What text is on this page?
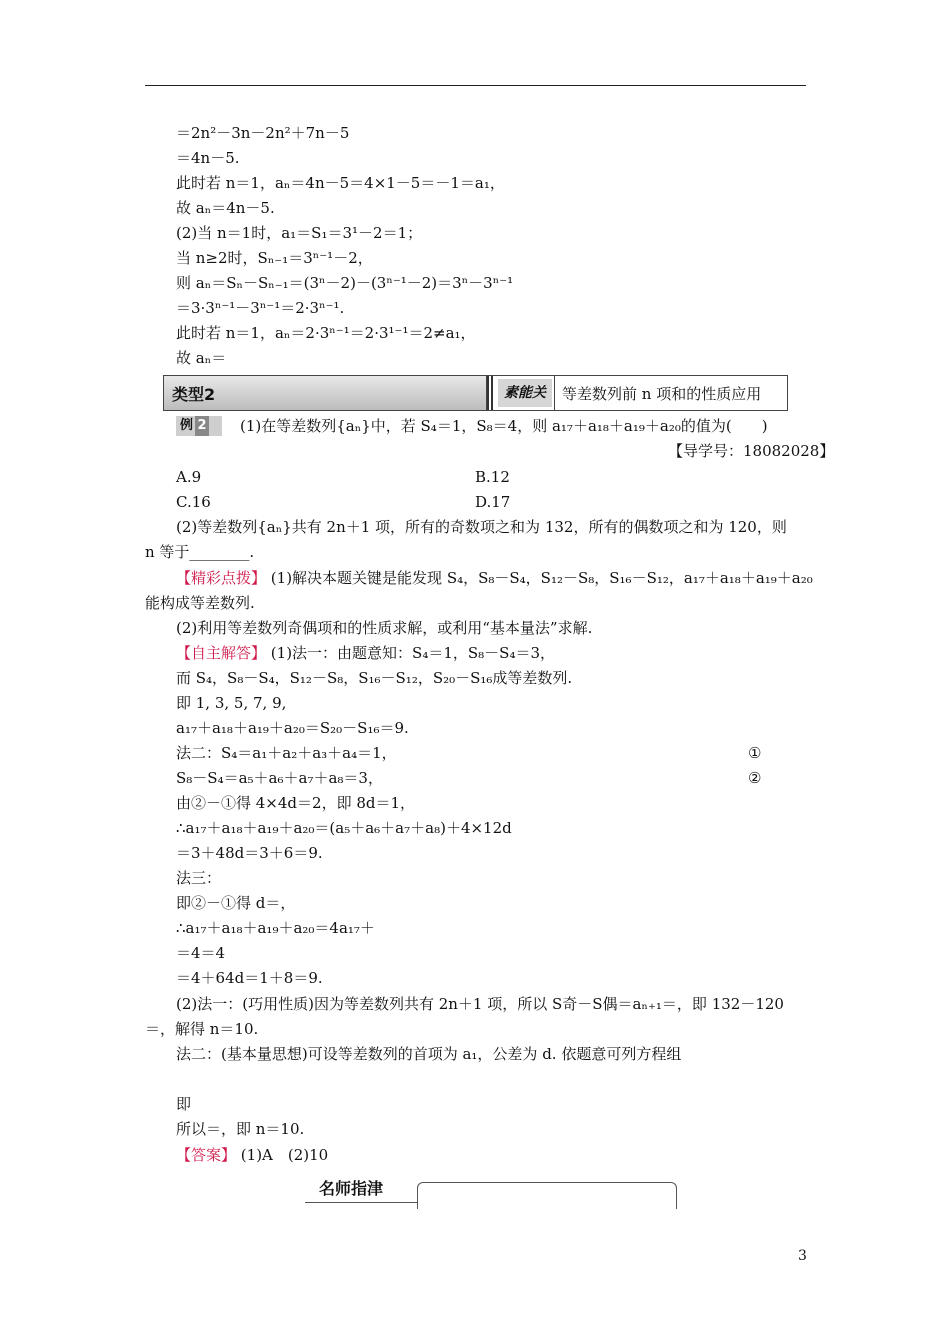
＝2n²－3n－2n²＋7n－5
＝4n－5.
此时若 n＝1，aₙ＝4n－5＝4×1－5＝－1＝a₁，
故 aₙ＝4n－5.
(2)当 n＝1时，a₁＝S₁＝3¹－2＝1；
当 n≥2时，Sₙ₋₁＝3ⁿ⁻¹－2，
则 aₙ＝Sₙ－Sₙ₋₁＝(3ⁿ－2)－(3ⁿ⁻¹－2)＝3ⁿ－3ⁿ⁻¹
＝3·3ⁿ⁻¹－3ⁿ⁻¹＝2·3ⁿ⁻¹.
此时若 n＝1，aₙ＝2·3ⁿ⁻¹＝2·3¹⁻¹＝2≠a₁，
故 aₙ＝
类型2	素能关	等差数列前 n 项和的性质应用
例 2	(1)在等差数列{aₙ}中，若 S₄＝1，S₈＝4，则 a₁₇＋a₁₈＋a₁₉＋a₂₀的值为(　　)
【导学号：18082028】
A.9	B.12
C.16	D.17
(2)等差数列{aₙ}共有 2n＋1 项，所有的奇数项之和为 132，所有的偶数项之和为 120，则
n 等于________.
【精彩点拨】 (1)解决本题关键是能发现 S₄，S₈－S₄，S₁₂－S₈，S₁₆－S₁₂，a₁₇＋a₁₈＋a₁₉＋a₂₀
能构成等差数列.
(2)利用等差数列奇偶项和的性质求解，或利用“基本量法”求解.
【自主解答】 (1)法一：由题意知：S₄＝1，S₈－S₄＝3，
而 S₄，S₈－S₄，S₁₂－S₈，S₁₆－S₁₂，S₂₀－S₁₆成等差数列.
即 1, 3, 5, 7, 9,
a₁₇＋a₁₈＋a₁₉＋a₂₀＝S₂₀－S₁₆＝9.
法二：S₄＝a₁＋a₂＋a₃＋a₄＝1，	①
S₈－S₄＝a₅＋a₆＋a₇＋a₈＝3，	②
由②－①得 4×4d＝2，即 8d＝1，
∴a₁₇＋a₁₈＋a₁₉＋a₂₀＝(a₅＋a₆＋a₇＋a₈)＋4×12d
＝3＋48d＝3＋6＝9.
法三：
即②－①得 d＝，
∴a₁₇＋a₁₈＋a₁₉＋a₂₀＝4a₁₇＋
＝4＝4
＝4＋64d＝1＋8＝9.
(2)法一：(巧用性质)因为等差数列共有 2n＋1 项，所以 S奇－S偶＝aₙ₊₁＝，即 132－120
＝，解得 n＝10.
法二：(基本量思想)可设等差数列的首项为 a₁，公差为 d. 依题意可列方程组
即
所以＝，即 n＝10.
【答案】 (1)A　(2)10
名师指津
3
